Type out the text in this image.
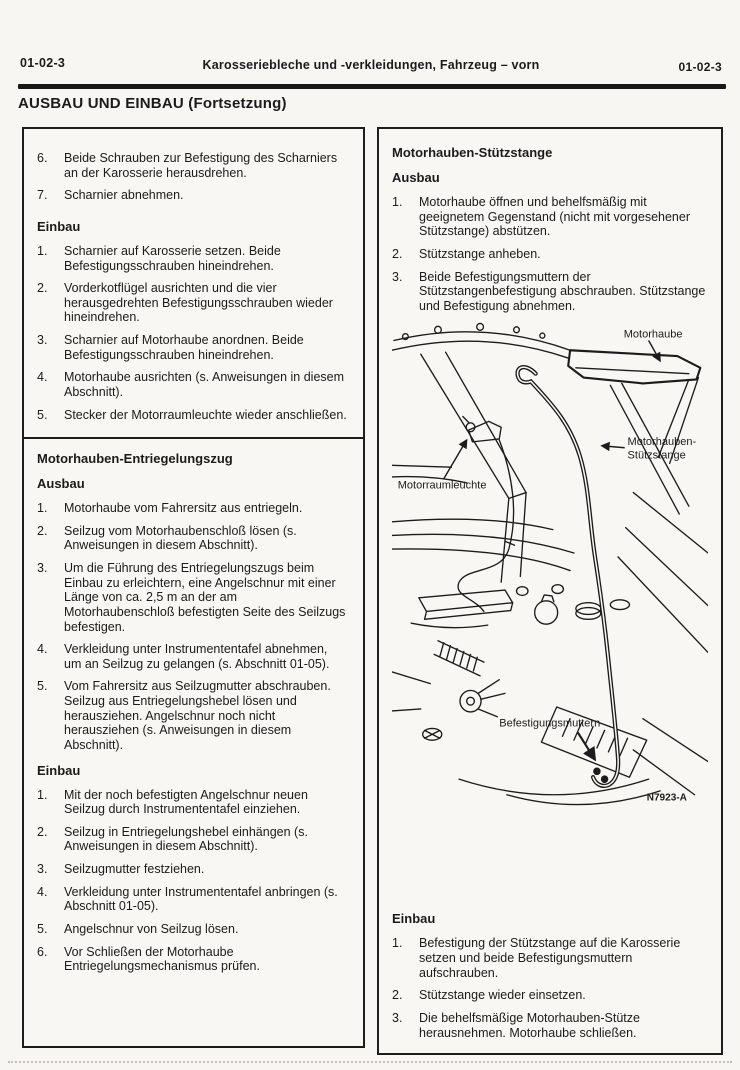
01-02-3	Karosseriebleche und -verkleidungen, Fahrzeug – vorn	01-02-3
AUSBAU UND EINBAU (Fortsetzung)
6.	Beide Schrauben zur Befestigung des Scharniers an der Karosserie herausdrehen.
7.	Scharnier abnehmen.
Einbau
1.	Scharnier auf Karosserie setzen. Beide Befestigungsschrauben hineindrehen.
2.	Vorderkotflügel ausrichten und die vier herausgedrehten Befestigungsschrauben wieder hineindrehen.
3.	Scharnier auf Motorhaube anordnen. Beide Befestigungsschrauben hineindrehen.
4.	Motorhaube ausrichten (s. Anweisungen in diesem Abschnitt).
5.	Stecker der Motorraumleuchte wieder anschließen.
Motorhauben-Entriegelungszug
Ausbau
1.	Motorhaube vom Fahrersitz aus entriegeln.
2.	Seilzug vom Motorhaubenschloß lösen (s. Anweisungen in diesem Abschnitt).
3.	Um die Führung des Entriegelungszugs beim Einbau zu erleichtern, eine Angelschnur mit einer Länge von ca. 2,5 m an der am Motorhaubenschloß befestigten Seite des Seilzugs befestigen.
4.	Verkleidung unter Instrumententafel abnehmen, um an Seilzug zu gelangen (s. Abschnitt 01-05).
5.	Vom Fahrersitz aus Seilzugmutter abschrauben. Seilzug aus Entriegelungshebel lösen und herausziehen. Angelschnur noch nicht herausziehen (s. Anweisungen in diesem Abschnitt).
Einbau
1.	Mit der noch befestigten Angelschnur neuen Seilzug durch Instrumententafel einziehen.
2.	Seilzug in Entriegelungshebel einhängen (s. Anweisungen in diesem Abschnitt).
3.	Seilzugmutter festziehen.
4.	Verkleidung unter Instrumententafel anbringen (s. Abschnitt 01-05).
5.	Angelschnur von Seilzug lösen.
6.	Vor Schließen der Motorhaube Entriegelungsmechanismus prüfen.
Motorhauben-Stützstange
Ausbau
1.	Motorhaube öffnen und behelfsmäßig mit geeignetem Gegenstand (nicht mit vorgesehener Stützstange) abstützen.
2.	Stützstange anheben.
3.	Beide Befestigungsmuttern der Stützstangenbefestigung abschrauben. Stützstange und Befestigung abnehmen.
Motorhaube
Motorhauben-
Stützstange
Motorraumleuchte
Befestigungsmuttern
N7923-A
Einbau
1.	Befestigung der Stützstange auf die Karosserie setzen und beide Befestigungsmuttern aufschrauben.
2.	Stützstange wieder einsetzen.
3.	Die behelfsmäßige Motorhauben-Stütze herausnehmen. Motorhaube schließen.
